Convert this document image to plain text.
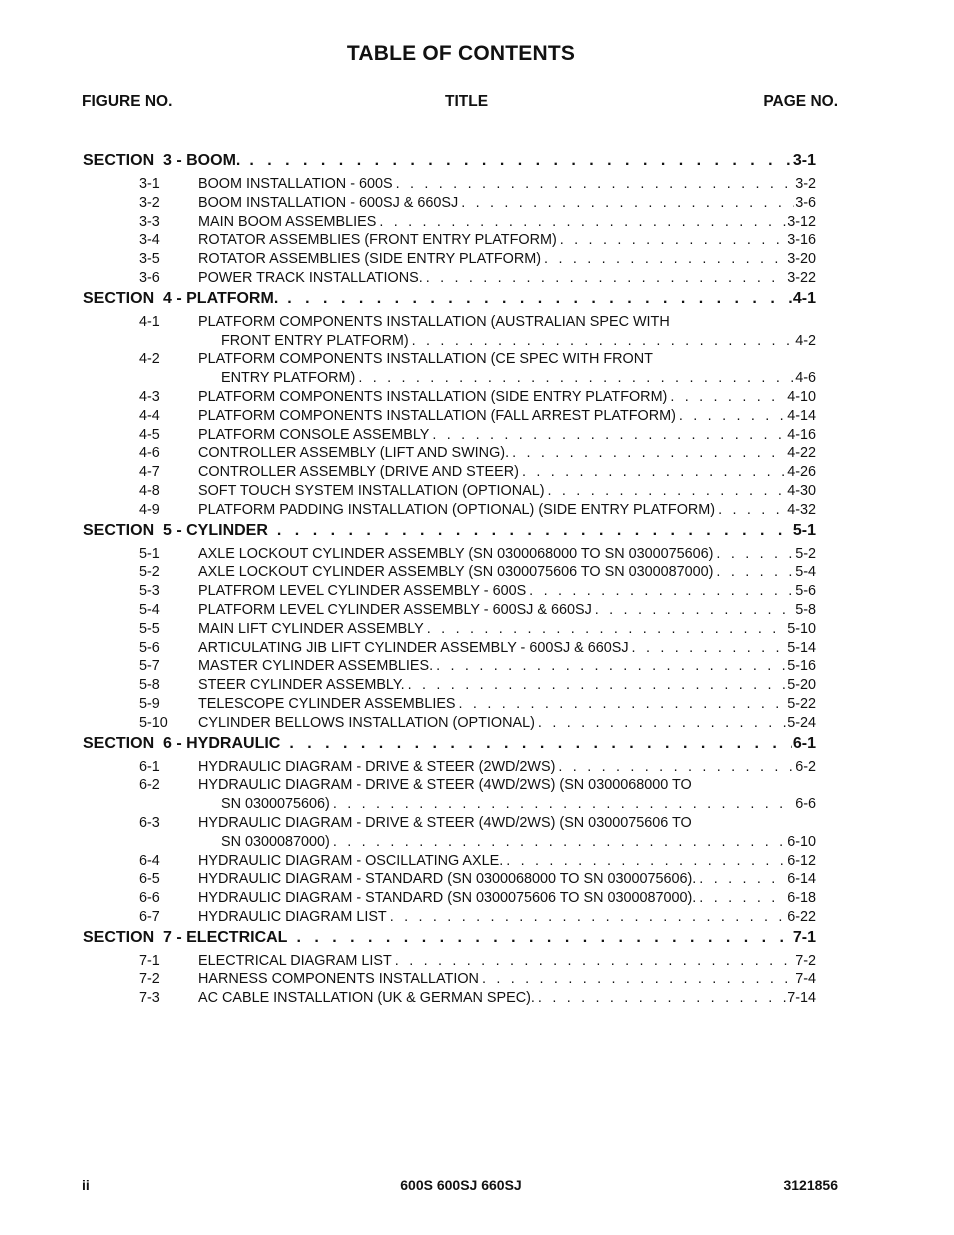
TABLE OF CONTENTS
FIGURE NO.	TITLE	PAGE NO.
SECTION  3 - BOOM. . . .	3-1
3-1	BOOM INSTALLATION - 600S . . .	3-2
3-2	BOOM INSTALLATION - 600SJ & 660SJ . . .	3-6
3-3	MAIN BOOM ASSEMBLIES . . .	3-12
3-4	ROTATOR ASSEMBLIES (FRONT ENTRY PLATFORM) . . .	3-16
3-5	ROTATOR ASSEMBLIES (SIDE ENTRY PLATFORM) . . .	3-20
3-6	POWER TRACK INSTALLATIONS. . . .	3-22
SECTION  4 - PLATFORM. . . .	4-1
4-1	PLATFORM COMPONENTS INSTALLATION (AUSTRALIAN SPEC WITH
FRONT ENTRY PLATFORM) . . .	4-2
4-2	PLATFORM COMPONENTS INSTALLATION (CE SPEC WITH FRONT
ENTRY PLATFORM) . . .	4-6
4-3	PLATFORM COMPONENTS INSTALLATION (SIDE ENTRY PLATFORM) . . .	4-10
4-4	PLATFORM COMPONENTS INSTALLATION (FALL ARREST PLATFORM) . . .	4-14
4-5	PLATFORM CONSOLE ASSEMBLY . . .	4-16
4-6	CONTROLLER ASSEMBLY (LIFT AND SWING). . . .	4-22
4-7	CONTROLLER ASSEMBLY (DRIVE AND STEER) . . .	4-26
4-8	SOFT TOUCH SYSTEM INSTALLATION (OPTIONAL) . . .	4-30
4-9	PLATFORM PADDING INSTALLATION (OPTIONAL) (SIDE ENTRY PLATFORM) . . .	4-32
SECTION  5 - CYLINDER . . .	5-1
5-1	AXLE LOCKOUT CYLINDER ASSEMBLY (SN 0300068000 TO SN 0300075606) . . .	5-2
5-2	AXLE LOCKOUT CYLINDER ASSEMBLY (SN 0300075606 TO SN 0300087000) . . .	5-4
5-3	PLATFROM LEVEL CYLINDER ASSEMBLY - 600S . . .	5-6
5-4	PLATFORM LEVEL CYLINDER ASSEMBLY - 600SJ & 660SJ . . .	5-8
5-5	MAIN LIFT CYLINDER ASSEMBLY . . .	5-10
5-6	ARTICULATING JIB LIFT CYLINDER ASSEMBLY - 600SJ & 660SJ . . .	5-14
5-7	MASTER CYLINDER ASSEMBLIES. . . .	5-16
5-8	STEER CYLINDER ASSEMBLY. . . .	5-20
5-9	TELESCOPE CYLINDER ASSEMBLIES . . .	5-22
5-10 CYLINDER BELLOWS INSTALLATION (OPTIONAL) . . .	5-24
SECTION  6 - HYDRAULIC . . .	6-1
6-1	HYDRAULIC DIAGRAM - DRIVE & STEER (2WD/2WS) . . .	6-2
6-2	HYDRAULIC DIAGRAM - DRIVE & STEER (4WD/2WS) (SN 0300068000 TO
SN 0300075606) . . .	6-6
6-3	HYDRAULIC DIAGRAM - DRIVE & STEER (4WD/2WS) (SN 0300075606 TO
SN 0300087000) . . .	6-10
6-4	HYDRAULIC DIAGRAM - OSCILLATING AXLE. . . .	6-12
6-5	HYDRAULIC DIAGRAM - STANDARD (SN 0300068000 TO SN 0300075606). . . .	6-14
6-6	HYDRAULIC DIAGRAM - STANDARD (SN 0300075606 TO SN 0300087000). . . .	6-18
6-7	HYDRAULIC DIAGRAM LIST . . .	6-22
SECTION  7 - ELECTRICAL . . .	7-1
7-1	ELECTRICAL DIAGRAM LIST . . .	7-2
7-2	HARNESS COMPONENTS INSTALLATION . . .	7-4
7-3	AC CABLE INSTALLATION (UK & GERMAN SPEC). . . .	7-14
ii	600S 600SJ 660SJ	3121856
